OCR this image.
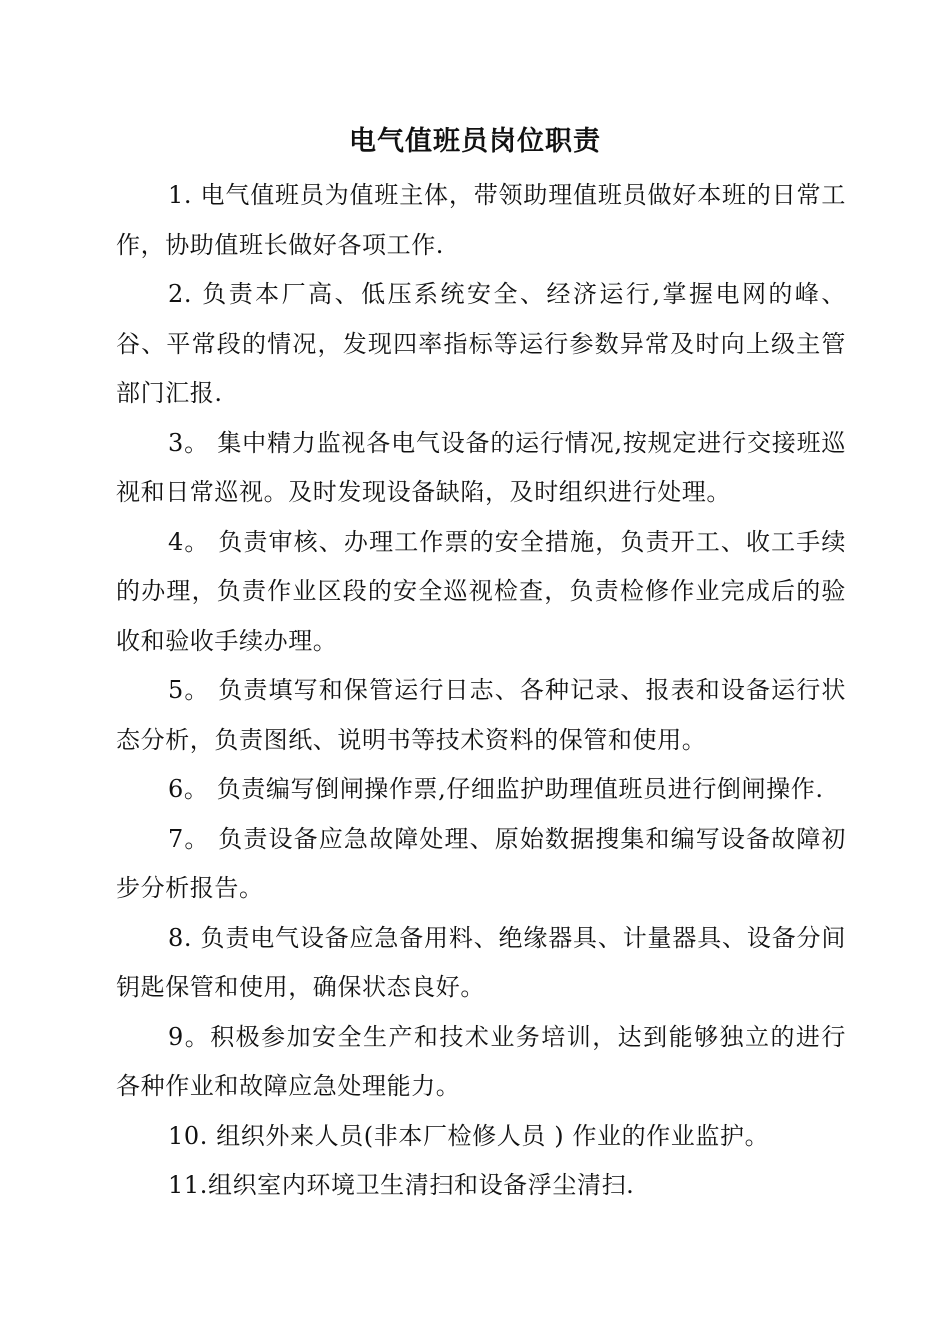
电气值班员岗位职责

1. 电气值班员为值班主体，带领助理值班员做好本班的日常工作，协助值班长做好各项工作.

2. 负责本厂高、低压系统安全、经济运行,掌握电网的峰、谷、平常段的情况，发现四率指标等运行参数异常及时向上级主管部门汇报.

3。 集中精力监视各电气设备的运行情况,按规定进行交接班巡视和日常巡视。及时发现设备缺陷，及时组织进行处理。

4。 负责审核、办理工作票的安全措施，负责开工、收工手续的办理，负责作业区段的安全巡视检查，负责检修作业完成后的验收和验收手续办理。

5。 负责填写和保管运行日志、各种记录、报表和设备运行状态分析，负责图纸、说明书等技术资料的保管和使用。

6。 负责编写倒闸操作票,仔细监护助理值班员进行倒闸操作.

7。 负责设备应急故障处理、原始数据搜集和编写设备故障初步分析报告。

8. 负责电气设备应急备用料、绝缘器具、计量器具、设备分间钥匙保管和使用，确保状态良好。

9。积极参加安全生产和技术业务培训，达到能够独立的进行各种作业和故障应急处理能力。

10. 组织外来人员(非本厂检修人员 ) 作业的作业监护。

11.组织室内环境卫生清扫和设备浮尘清扫.
